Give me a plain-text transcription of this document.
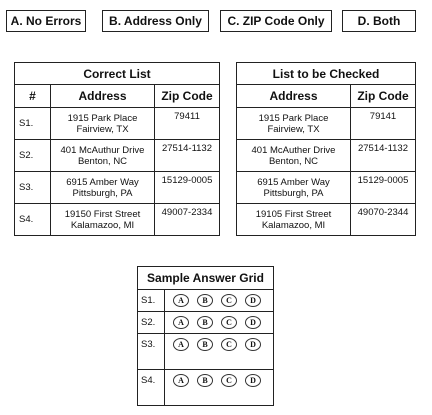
A. No Errors	B. Address Only	C. ZIP Code Only	D. Both
Correct List		
#	Address	Zip Code
S1.	1915 Park Place
Fairview, TX	79411
S2.	401 McAuthur Drive
Benton, NC	27514-1132
S3.	6915 Amber Way
Pittsburgh, PA	15129-0005
S4.	19150 First Street
Kalamazoo, MI	49007-2334
List to be Checked	
Address	Zip Code

1915 Park Place
Fairview, TX	79141

401 McAuther Drive
Benton, NC	27514-1132

6915 Amber Way
Pittsburgh, PA	15129-0005

19105 First Street
Kalamazoo, MI	49070-2344
Sample Answer Grid	
S1.	A B C D

S2.	A B C D

S3.	A B C D

S4.	A B C D
